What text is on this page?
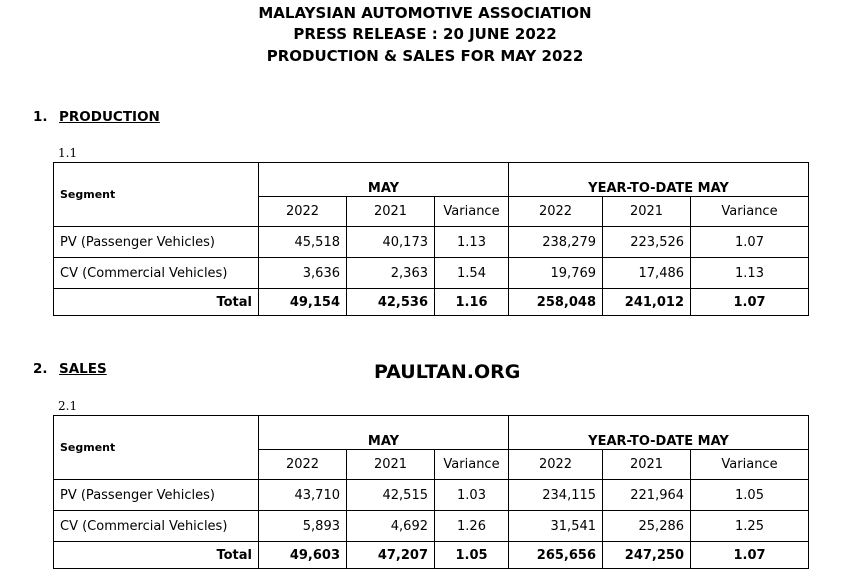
MALAYSIAN AUTOMOTIVE ASSOCIATION
PRESS RELEASE : 20 JUNE 2022
PRODUCTION & SALES FOR MAY 2022
1. PRODUCTION
1.1
Segment	MAY			YEAR-TO-DATE MAY		
	2022	2021	Variance	2022	2021	Variance
PV (Passenger Vehicles)	45,518	40,173	1.13	238,279	223,526	1.07
CV (Commercial Vehicles)	3,636	2,363	1.54	19,769	17,486	1.13
Total	49,154	42,536	1.16	258,048	241,012	1.07
2. SALES	PAULTAN.ORG
2.1
Segment	MAY			YEAR-TO-DATE MAY		
	2022	2021	Variance	2022	2021	Variance
PV (Passenger Vehicles)	43,710	42,515	1.03	234,115	221,964	1.05
CV (Commercial Vehicles)	5,893	4,692	1.26	31,541	25,286	1.25
Total	49,603	47,207	1.05	265,656	247,250	1.07
